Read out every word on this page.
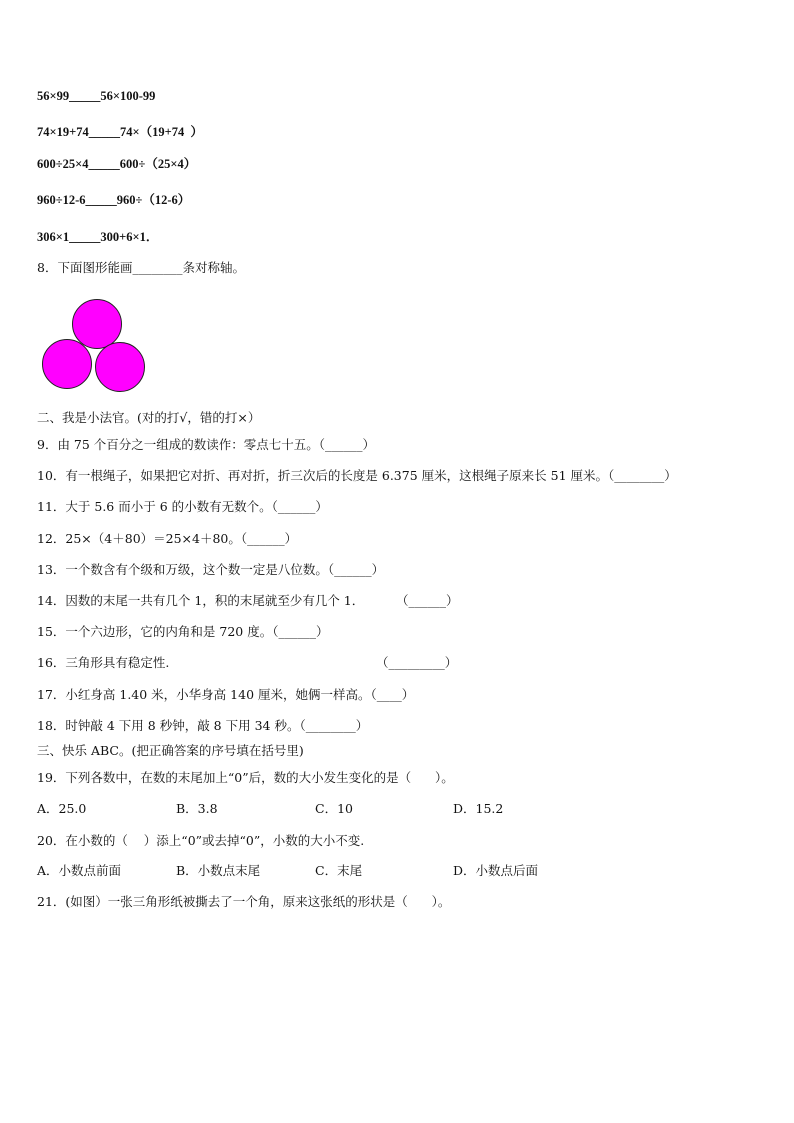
56×99_____56×100-99
74×19+74_____74×（19+74  ）
600÷25×4_____600÷（25×4）
960÷12-6_____960÷（12-6）
306×1_____300+6×1．
8．下面图形能画________条对称轴。
二、我是小法官。(对的打√，错的打×）
9．由 75 个百分之一组成的数读作：零点七十五。（______）
10．有一根绳子，如果把它对折、再对折，折三次后的长度是 6.375 厘米，这根绳子原来长 51 厘米。（________）
11．大于 5.6 而小于 6 的小数有无数个。（______）
12．25×（4＋80）＝25×4＋80。（______）
13．一个数含有个级和万级，这个数一定是八位数。（______）
14．因数的末尾一共有几个 1，积的末尾就至少有几个 1．        （______）
15．一个六边形，它的内角和是 720 度。（______）
16．三角形具有稳定性.                                                    （_________）
17．小红身高 1.40 米，小华身高 140 厘米，她俩一样高。（____）
18．时钟敲 4 下用 8 秒钟，敲 8 下用 34 秒。（________）
三、快乐 ABC。(把正确答案的序号填在括号里)
19．下列各数中，在数的末尾加上“0”后，数的大小发生变化的是（      ）。
A．25.0	B．3.8	C．10	D．15.2
20．在小数的（    ）添上“0”或去掉“0”，小数的大小不变.
A．小数点前面	B．小数点末尾	C．末尾	D．小数点后面
21．(如图）一张三角形纸被撕去了一个角，原来这张纸的形状是（      ）。
